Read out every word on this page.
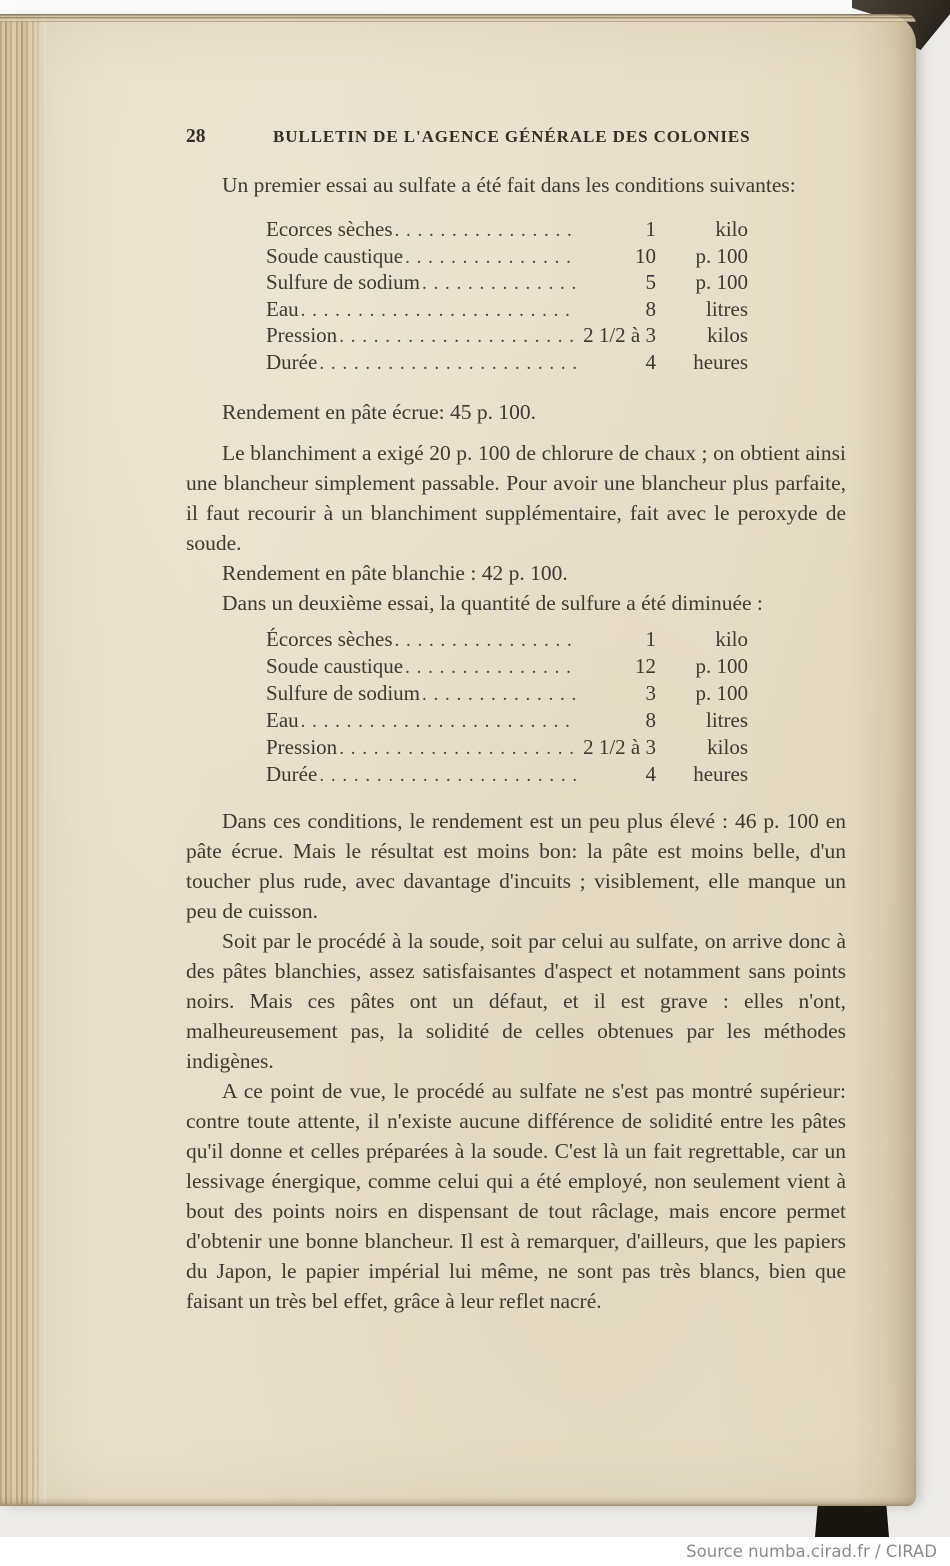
28	BULLETIN DE L'AGENCE GÉNÉRALE DES COLONIES

Un premier essai au sulfate a été fait dans les conditions suivantes:

Ecorces sèches . . .	1	kilo
Soude caustique . . .	10	p. 100
Sulfure de sodium . . .	5	p. 100
Eau . . .	8	litres
Pression . . .	2 1/2 à 3	kilos
Durée . . .	4	heures

Rendement en pâte écrue: 45 p. 100.

Le blanchiment a exigé 20 p. 100 de chlorure de chaux ; on obtient ainsi une blancheur simplement passable. Pour avoir une blancheur plus parfaite, il faut recourir à un blanchiment supplémentaire, fait avec le peroxyde de soude.

Rendement en pâte blanchie : 42 p. 100.

Dans un deuxième essai, la quantité de sulfure a été diminuée :

Écorces sèches . . .	1	kilo
Soude caustique . . .	12	p. 100
Sulfure de sodium . . .	3	p. 100
Eau . . .	8	litres
Pression . . .	2 1/2 à 3	kilos
Durée . . .	4	heures

Dans ces conditions, le rendement est un peu plus élevé : 46 p. 100 en pâte écrue. Mais le résultat est moins bon: la pâte est moins belle, d'un toucher plus rude, avec davantage d'incuits ; visiblement, elle manque un peu de cuisson.

Soit par le procédé à la soude, soit par celui au sulfate, on arrive donc à des pâtes blanchies, assez satisfaisantes d'aspect et notamment sans points noirs. Mais ces pâtes ont un défaut, et il est grave : elles n'ont, malheureusement pas, la solidité de celles obtenues par les méthodes indigènes.

A ce point de vue, le procédé au sulfate ne s'est pas montré supérieur: contre toute attente, il n'existe aucune différence de solidité entre les pâtes qu'il donne et celles préparées à la soude. C'est là un fait regrettable, car un lessivage énergique, comme celui qui a été employé, non seulement vient à bout des points noirs en dispensant de tout râclage, mais encore permet d'obtenir une bonne blancheur. Il est à remarquer, d'ailleurs, que les papiers du Japon, le papier impérial lui même, ne sont pas très blancs, bien que faisant un très bel effet, grâce à leur reflet nacré.

Source numba.cirad.fr / CIRAD
